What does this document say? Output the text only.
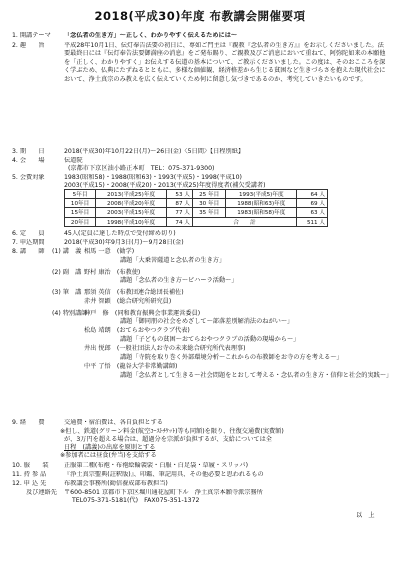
2018(平成30)年度 布教講会開催要項
1. 開講テーマ 「念仏者の生き方」〜正しく、わかりやすく伝えるためには〜
2. 趣　　旨	平成28年10月1日、伝灯奉告法要の初日に、専如ご門主は『親教『念仏者の生き方』』をお示しくださいました。法要最終日には『伝灯奉告法要御満座の消息』をご発布賜り、ご親教及びご消息において重ねて、阿弥陀如来の本願他を「正しく、わかりやすく」お伝えする伝道の基本について、ご教示くださいました。この度は、そのおこころを深く学ぶため、仏典にたずねるとともに、多様な価値観、経済格差から生じる貧困など生きづらさを抱えた現代社会において、浄土真宗のみ教えを広く伝えていくため何に留意し気づきであるのか、考究していきたいものです。
3. 期　　日	2018(平成30)年10月22日(月)〜26日(金)〈5日間〉【日程別紙】
4. 会　　場	伝道院
(京都市下京区油小路正本町　TEL：075-371-9300)
5. 会費対象	1983(昭和58)・1988(昭和63)・1993(平成5)・1998(平成10)
2003(平成15)・2008(平成20)・2013(平成25)年度得度者(補欠受講者)
5年目	2013(平成25)年度	53 人	25 年目	1993(平成5)年度	64 人
10年目	2008(平成20)年度	87 人	30 年目	1988(昭和63)年度	69 人
15年目	2003(平成15)年度	77 人	35 年目	1983(昭和58)年度	63 人
20年目	1998(平成10)年度	74 人	合　　計		511 人
6. 定　　員	45人(定員に達した時点で受付締め切り)
7. 申込期間	2018(平成30)年9月3日(月)〜9月28日(金)
8. 講　　師 (1) 講　義 相馬 一意　(勧学)
講題「大乗菩薩道と念仏者の生き方」
(2) 副　講 野村 康治　(布教使)
講題「念仏者の生き方〜ビハーラ活動〜」
(3) 筆　講 那須 英信　(布教団連合総団長補佐)
赤井 智顕　(総合研究所研究員)
(4) 特別講師
神戸　修　(同和教育振興会事業運営委員)
講題「御同朋の社会をめざして〜部落差別解消法のねがい〜」
松島 靖朗　(おてらおやつクラブ代表)
講題「子どもの貧困〜おてらおやつクラブの活動の現場から〜」
井出 悦郎　(一般社団法人お寺の未来総合研究所代表理事)
講題「寺院を取り巻く外部環境分析〜これからの布教師をお寺の方を考える〜」
中平 了悟　(龍谷大学非常勤講師)
講題「念仏者として生きる〜社会問題をとおして考える・念仏者の生き方・信仰と社会的実践〜」
9. 経　　費	交通費・宿泊費は、各自負担とする
※但し、鉄道(グリーン料金(航空ｺｰｽﾄﾁｹｯﾄ)等も同額)を限り、往復交通費(実費額)
が、3万円を超える場合は、超過分を宗派が負担するが、支給については全
日程　(講義)の出席を原則とする
※参加者には昼食(弁当)を支給する
10. 服　　装 正服第二種(布袍・布袍絵輪袈裟・白服・白足袋・草履・スリッパ)
11. 持 参 品	『浄土真宗聖典(註釈版)』、印鑑、筆記用具、その他必要と思われるもの
12. 申 込 先	布教講会事務所(勧信養成部布教担当)
及び連絡先 〒600-8501 京都市下京区堀川通花屋町下ル　浄土真宗本願寺派宗務所
TEL075-371-5181(代)　FAX075-351-1372
以　上
